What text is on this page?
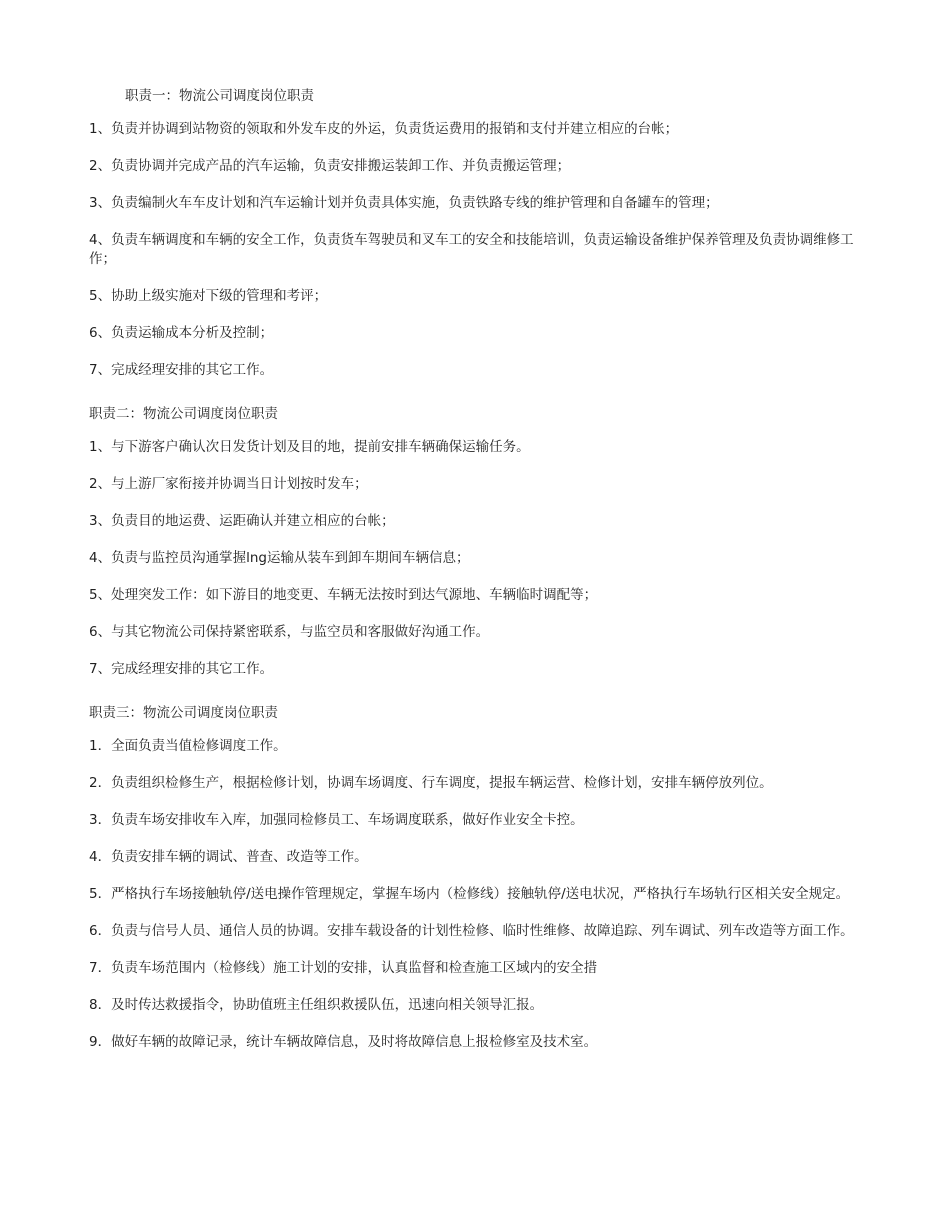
职责一：物流公司调度岗位职责
1、负责并协调到站物资的领取和外发车皮的外运，负责货运费用的报销和支付并建立相应的台帐；
2、负责协调并完成产品的汽车运输，负责安排搬运装卸工作、并负责搬运管理；
3、负责编制火车车皮计划和汽车运输计划并负责具体实施，负责铁路专线的维护管理和自备罐车的管理；
4、负责车辆调度和车辆的安全工作，负责货车驾驶员和叉车工的安全和技能培训，负责运输设备维护保养管理及负责协调维修工作；
5、协助上级实施对下级的管理和考评；
6、负责运输成本分析及控制；
7、完成经理安排的其它工作。
职责二：物流公司调度岗位职责
1、与下游客户确认次日发货计划及目的地，提前安排车辆确保运输任务。
2、与上游厂家衔接并协调当日计划按时发车；
3、负责目的地运费、运距确认并建立相应的台帐；
4、负责与监控员沟通掌握lng运输从装车到卸车期间车辆信息；
5、处理突发工作：如下游目的地变更、车辆无法按时到达气源地、车辆临时调配等；
6、与其它物流公司保持紧密联系，与监空员和客服做好沟通工作。
7、完成经理安排的其它工作。
职责三：物流公司调度岗位职责
1．全面负责当值检修调度工作。
2．负责组织检修生产，根据检修计划，协调车场调度、行车调度，提报车辆运营、检修计划，安排车辆停放列位。
3．负责车场安排收车入库，加强同检修员工、车场调度联系，做好作业安全卡控。
4．负责安排车辆的调试、普查、改造等工作。
5．严格执行车场接触轨停/送电操作管理规定，掌握车场内（检修线）接触轨停/送电状况，严格执行车场轨行区相关安全规定。
6．负责与信号人员、通信人员的协调。安排车载设备的计划性检修、临时性维修、故障追踪、列车调试、列车改造等方面工作。
7．负责车场范围内（检修线）施工计划的安排，认真监督和检查施工区域内的安全措
8．及时传达救援指令，协助值班主任组织救援队伍，迅速向相关领导汇报。
9．做好车辆的故障记录，统计车辆故障信息，及时将故障信息上报检修室及技术室。
